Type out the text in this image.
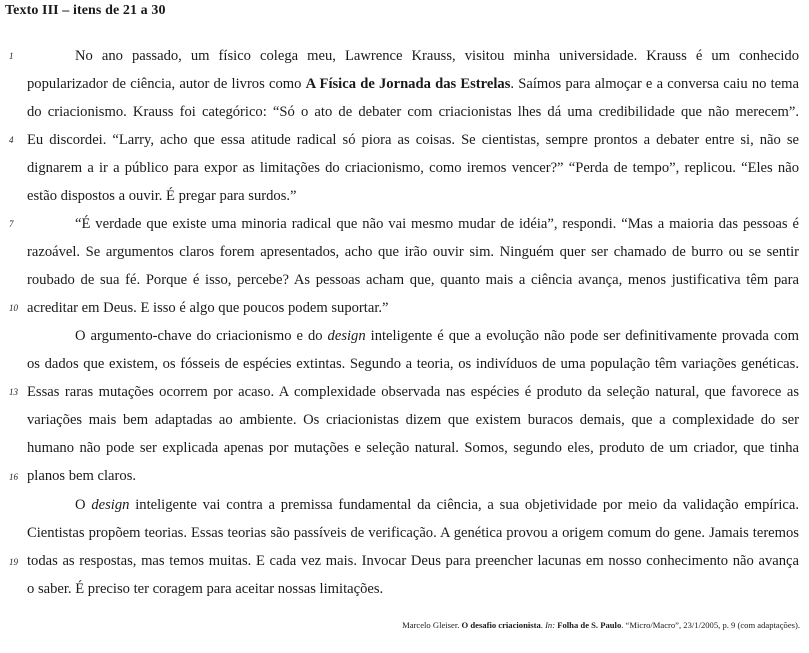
Texto III – itens de 21 a 30
1
4
7
10
13
16
19
No ano passado, um físico colega meu, Lawrence Krauss, visitou minha universidade. Krauss é um conhecido
popularizador de ciência, autor de livros como A Física de Jornada das Estrelas. Saímos para almoçar e a conversa caiu no tema
do criacionismo. Krauss foi categórico: “Só o ato de debater com criacionistas lhes dá uma credibilidade que não merecem”.
Eu discordei. “Larry, acho que essa atitude radical só piora as coisas. Se cientistas, sempre prontos a debater entre si, não se
dignarem a ir a público para expor as limitações do criacionismo, como iremos vencer?” “Perda de tempo”, replicou. “Eles não
estão dispostos a ouvir. É pregar para surdos.”
“É verdade que existe uma minoria radical que não vai mesmo mudar de idéia”, respondi. “Mas a maioria das pessoas é
razoável. Se argumentos claros forem apresentados, acho que irão ouvir sim. Ninguém quer ser chamado de burro ou se sentir
roubado de sua fé. Porque é isso, percebe? As pessoas acham que, quanto mais a ciência avança, menos justificativa têm para
acreditar em Deus. E isso é algo que poucos podem suportar.”
O argumento-chave do criacionismo e do design inteligente é que a evolução não pode ser definitivamente provada com
os dados que existem, os fósseis de espécies extintas. Segundo a teoria, os indivíduos de uma população têm variações genéticas.
Essas raras mutações ocorrem por acaso. A complexidade observada nas espécies é produto da seleção natural, que favorece as
variações mais bem adaptadas ao ambiente. Os criacionistas dizem que existem buracos demais, que a complexidade do ser
humano não pode ser explicada apenas por mutações e seleção natural. Somos, segundo eles, produto de um criador, que tinha
planos bem claros.
O design inteligente vai contra a premissa fundamental da ciência, a sua objetividade por meio da validação empírica.
Cientistas propõem teorias. Essas teorias são passíveis de verificação. A genética provou a origem comum do gene. Jamais teremos
todas as respostas, mas temos muitas. E cada vez mais. Invocar Deus para preencher lacunas em nosso conhecimento não avança
o saber. É preciso ter coragem para aceitar nossas limitações.
Marcelo Gleiser. O desafio criacionista. In: Folha de S. Paulo. “Micro/Macro”, 23/1/2005, p. 9 (com adaptações).
